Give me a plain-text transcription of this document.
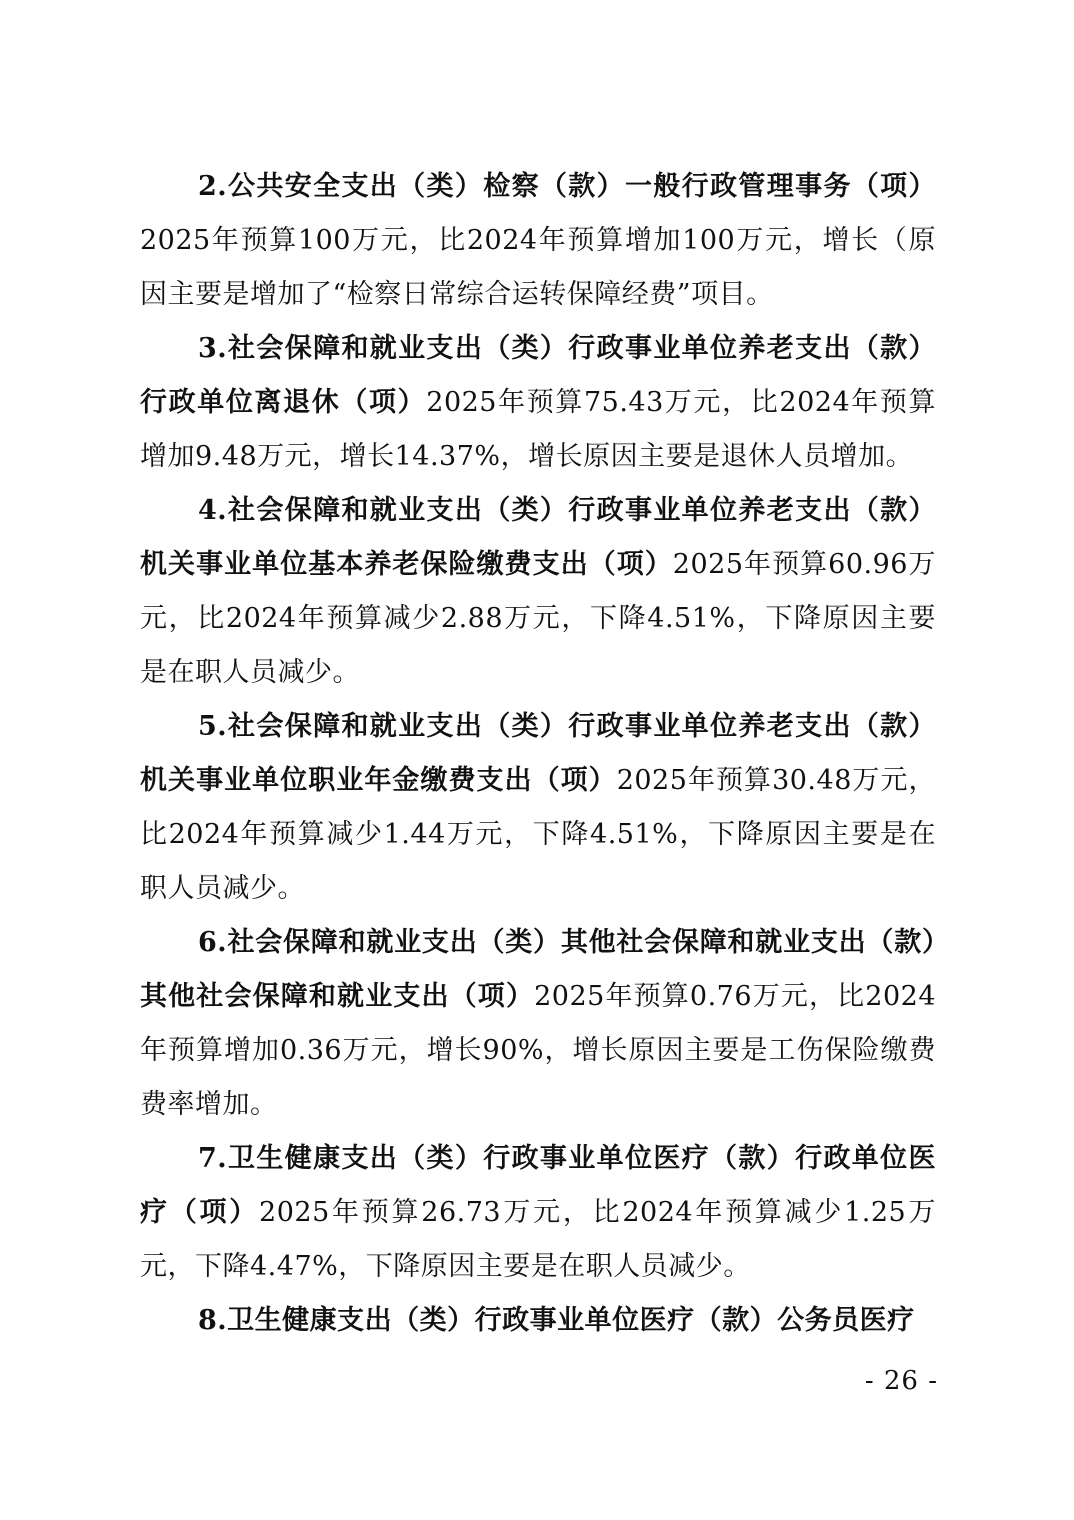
2.公共安全支出（类）检察（款）一般行政管理事务（项）2025年预算100万元，比2024年预算增加100万元，增长（原因主要是增加了“检察日常综合运转保障经费”项目。

3.社会保障和就业支出（类）行政事业单位养老支出（款）行政单位离退休（项）2025年预算75.43万元，比2024年预算增加9.48万元，增长14.37%，增长原因主要是退休人员增加。

4.社会保障和就业支出（类）行政事业单位养老支出（款）机关事业单位基本养老保险缴费支出（项）2025年预算60.96万元，比2024年预算减少2.88万元，下降4.51%，下降原因主要是在职人员减少。

5.社会保障和就业支出（类）行政事业单位养老支出（款）机关事业单位职业年金缴费支出（项）2025年预算30.48万元，比2024年预算减少1.44万元，下降4.51%，下降原因主要是在职人员减少。

6.社会保障和就业支出（类）其他社会保障和就业支出（款）其他社会保障和就业支出（项）2025年预算0.76万元，比2024年预算增加0.36万元，增长90%，增长原因主要是工伤保险缴费费率增加。

7.卫生健康支出（类）行政事业单位医疗（款）行政单位医疗（项）2025年预算26.73万元，比2024年预算减少1.25万元，下降4.47%，下降原因主要是在职人员减少。

8.卫生健康支出（类）行政事业单位医疗（款）公务员医疗

- 26 -
